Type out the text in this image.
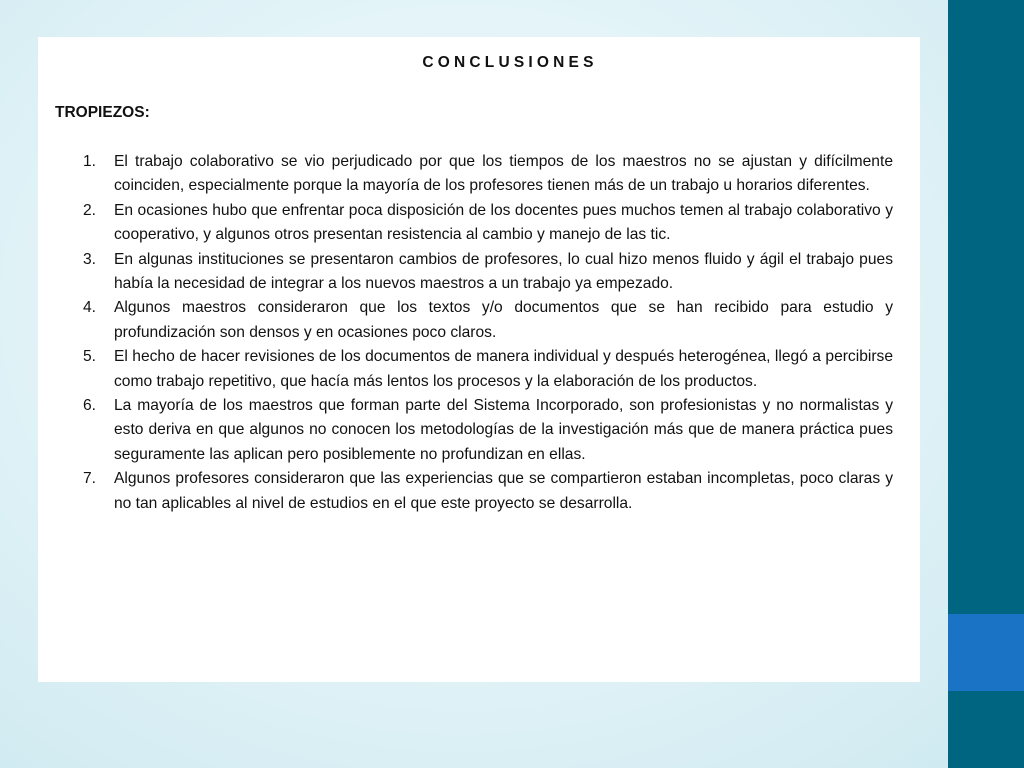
CONCLUSIONES
TROPIEZOS:
1. El trabajo colaborativo se vio perjudicado por que los tiempos de los maestros no se ajustan y difícilmente coinciden, especialmente porque la mayoría de los profesores tienen más de un trabajo u horarios diferentes.
2. En ocasiones hubo que enfrentar poca disposición de los docentes pues muchos temen al trabajo colaborativo y cooperativo, y algunos otros presentan resistencia al cambio y manejo de las tic.
3. En algunas instituciones se presentaron cambios de profesores, lo cual hizo menos fluido y ágil el trabajo pues había la necesidad de integrar a los nuevos maestros a un trabajo ya empezado.
4. Algunos maestros consideraron que los textos y/o documentos que se han recibido para estudio y profundización son densos y en ocasiones poco claros.
5. El hecho de hacer revisiones de los documentos de manera individual y después heterogénea, llegó a percibirse como trabajo repetitivo, que hacía más lentos los procesos y la elaboración de los productos.
6. La mayoría de los maestros que forman parte del Sistema Incorporado, son profesionistas y no normalistas y esto deriva en que algunos no conocen los metodologías de la investigación más que de manera práctica pues seguramente las aplican pero posiblemente no profundizan en ellas.
7. Algunos profesores consideraron que las experiencias que se compartieron estaban incompletas, poco claras y no tan aplicables al nivel de estudios en el que este proyecto se desarrolla.
